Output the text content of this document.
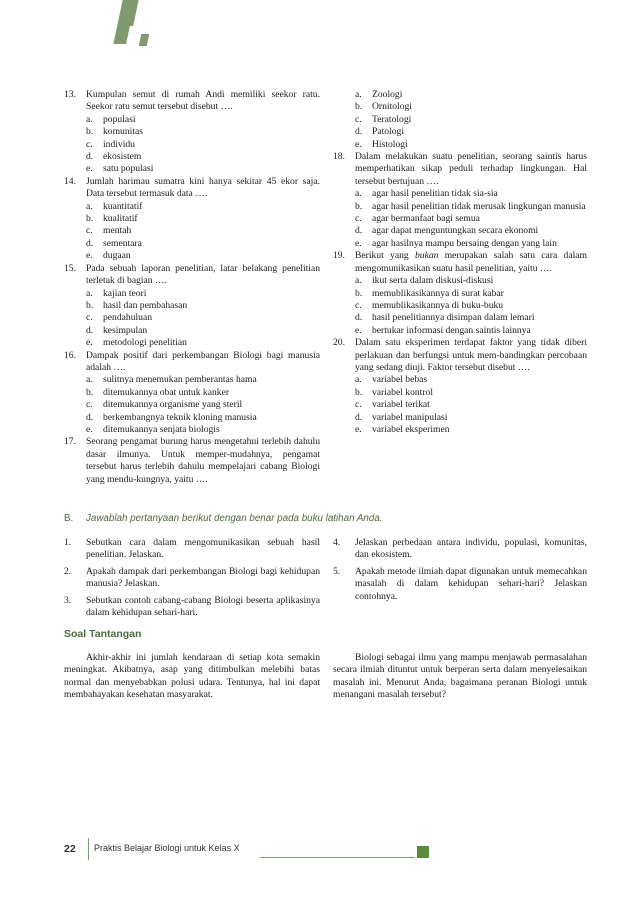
13.	Kumpulan semut di rumah Andi memiliki seekor ratu. Seekor ratu semut tersebut disebut ….
a.	populasi
b.	komunitas
c.	individu
d.	ekosistem
e.	satu populasi
14.	Jumlah harimau sumatra kini hanya sekitar 45 ekor saja. Data tersebut termasuk data ….
a.	kuantitatif
b.	kualitatif
c.	mentah
d.	sementara
e.	dugaan
15.	Pada sebuah laporan penelitian, latar belakang penelitian terletak di bagian ….
a.	kajian teori
b.	hasil dan pembahasan
c.	pendahuluan
d.	kesimpulan
e.	metodologi penelitian
16.	Dampak positif dari perkembangan Biologi bagi manusia adalah ….
a.	sulitnya menemukan pemberantas hama
b.	ditemukannya obat untuk kanker
c.	ditemukannya organisme yang steril
d.	berkembangnya teknik kloning manusia
e.	ditemukannya senjata biologis
17.	Seorang pengamat burung harus mengetahui terlebih dahulu dasar ilmunya. Untuk memper-mudahnya, pengamat tersebut harus terlebih dahulu mempelajari cabang Biologi yang mendu-kungnya, yaitu ….
a.	Zoologi
b.	Ornitologi
c.	Teratologi
d.	Patologi
e.	Histologi
18.	Dalam melakukan suatu penelitian, seorang saintis harus memperhatikan sikap peduli terhadap lingkungan. Hal tersebut bertujuan ….
a.	agar hasil penelitian tidak sia-sia
b.	agar hasil penelitian tidak merusak lingkungan manusia
c.	agar bermanfaat bagi semua
d.	agar dapat menguntungkan secara ekonomi
e.	agar hasilnya mampu bersaing dengan yang lain
19.	Berikut yang bukan merupakan salah satu cara dalam mengomunikasikan suatu hasil penelitian, yaitu ….
a.	ikut serta dalam diskusi-diskusi
b.	memublikasikannya di surat kabar
c.	memublikasikannya di buku-buku
d.	hasil penelitiannya disimpan dalam lemari
e.	bertukar informasi dengan saintis lainnya
20.	Dalam satu eksperimen terdapat faktor yang tidak diberi perlakuan dan berfungsi untuk mem-bandingkan percobaan yang sedang diuji. Faktor tersebut disebut ….
a.	variabel bebas
b.	variabel kontrol
c.	variabel terikat
d.	variabel manipulasi
e.	variabel eksperimen
B. Jawablah pertanyaan berikut dengan benar pada buku latihan Anda.
1.	Sebutkan cara dalam mengomunikasikan sebuah hasil penelitian. Jelaskan.
2.	Apakah dampak dari perkembangan Biologi bagi kehidupan manusia? Jelaskan.
3.	Sebutkan contoh cabang-cabang Biologi beserta aplikasinya dalam kehidupan sehari-hari.
4.	Jelaskan perbedaan antara individu, populasi, komunitas, dan ekosistem.
5.	Apakah metode ilmiah dapat digunakan untuk memecahkan masalah di dalam kehidupan sehari-hari? Jelaskan contohnya.
Soal Tantangan
Akhir-akhir ini jumlah kendaraan di setiap kota semakin meningkat. Akibatnya, asap yang ditimbulkan melebihi batas normal dan menyebabkan polusi udara. Tentunya, hal ini dapat membahayakan kesehatan masyarakat.
Biologi sebagai ilmu yang mampu menjawab permasalahan secara ilmiah dituntut untuk berperan serta dalam menyelesaikan masalah ini. Menurut Anda, bagaimana peranan Biologi untuk menangani masalah tersebut?
22 Praktis Belajar Biologi untuk Kelas X
